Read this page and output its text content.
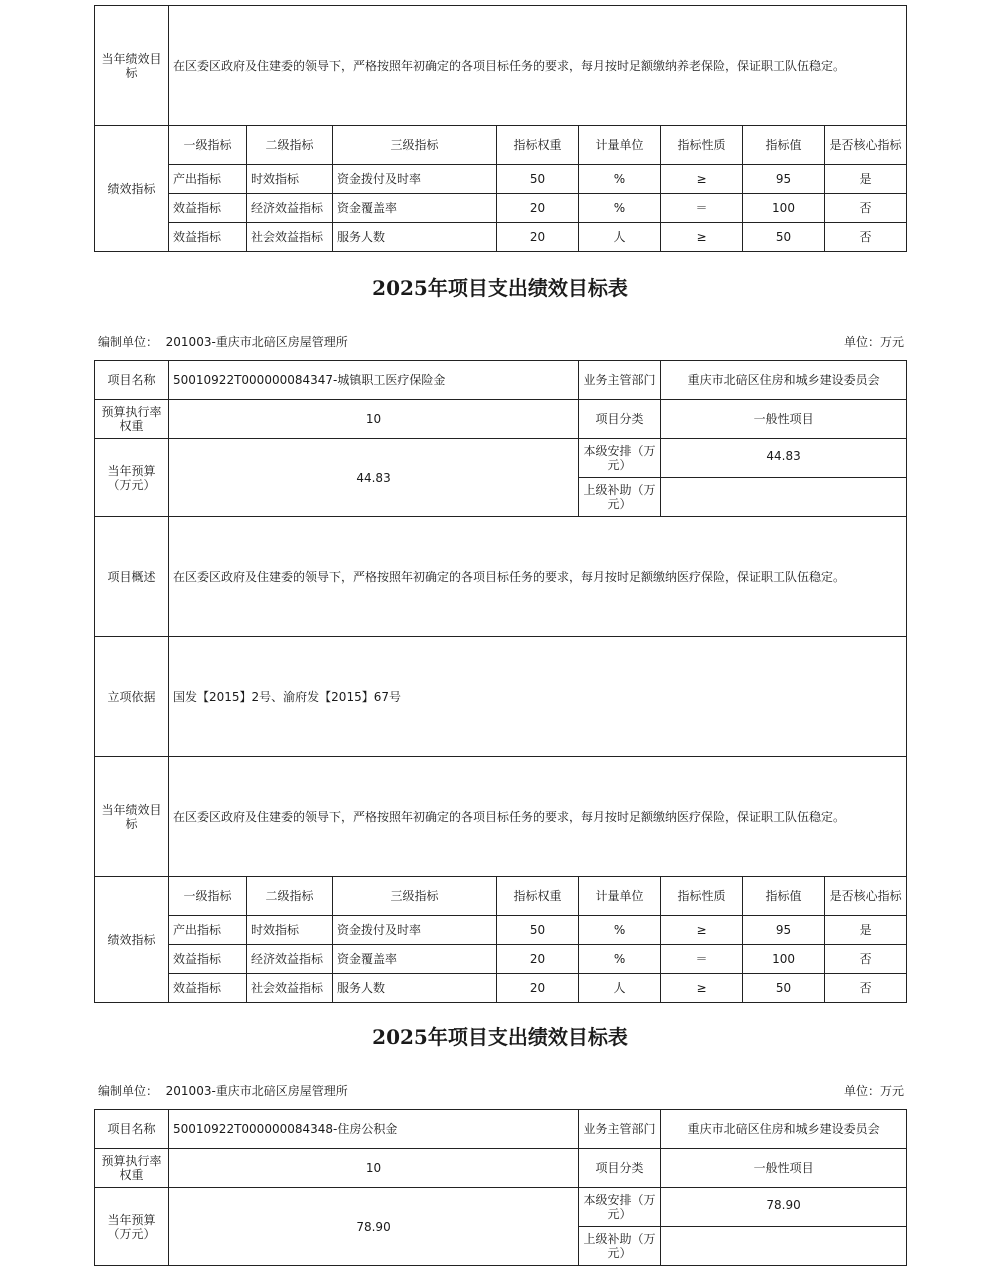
当年绩效目标	在区委区政府及住建委的领导下，严格按照年初确定的各项目标任务的要求，每月按时足额缴纳养老保险，保证职工队伍稳定。							
绩效指标	一级指标	二级指标	三级指标	指标权重	计量单位	指标性质	指标值	是否核心指标
	产出指标	时效指标	资金拨付及时率	50	%	≥	95	是
	效益指标	经济效益指标	资金覆盖率	20	%	＝	100	否
	效益指标	社会效益指标	服务人数	20	人	≥	50	否
2025年项目支出绩效目标表
编制单位： 201003-重庆市北碚区房屋管理所	单位：万元
项目名称	50010922T000000084347-城镇职工医疗保险金				业务主管部门	重庆市北碚区住房和城乡建设委员会		
预算执行率权重	10				项目分类	一般性项目		
当年预算（万元）	44.83				本级安排（万元）	44.83		
					上级补助（万元）			
项目概述	在区委区政府及住建委的领导下，严格按照年初确定的各项目标任务的要求，每月按时足额缴纳医疗保险，保证职工队伍稳定。							
立项依据	国发【2015】2号、渝府发【2015】67号							
当年绩效目标	在区委区政府及住建委的领导下，严格按照年初确定的各项目标任务的要求，每月按时足额缴纳医疗保险，保证职工队伍稳定。							
绩效指标	一级指标	二级指标	三级指标	指标权重	计量单位	指标性质	指标值	是否核心指标
	产出指标	时效指标	资金拨付及时率	50	%	≥	95	是
	效益指标	经济效益指标	资金覆盖率	20	%	＝	100	否
	效益指标	社会效益指标	服务人数	20	人	≥	50	否
2025年项目支出绩效目标表
编制单位： 201003-重庆市北碚区房屋管理所	单位：万元
项目名称	50010922T000000084348-住房公积金	业务主管部门	重庆市北碚区住房和城乡建设委员会
预算执行率权重	10	项目分类	一般性项目
当年预算（万元）	78.90	本级安排（万元）	78.90
		上级补助（万元）	
